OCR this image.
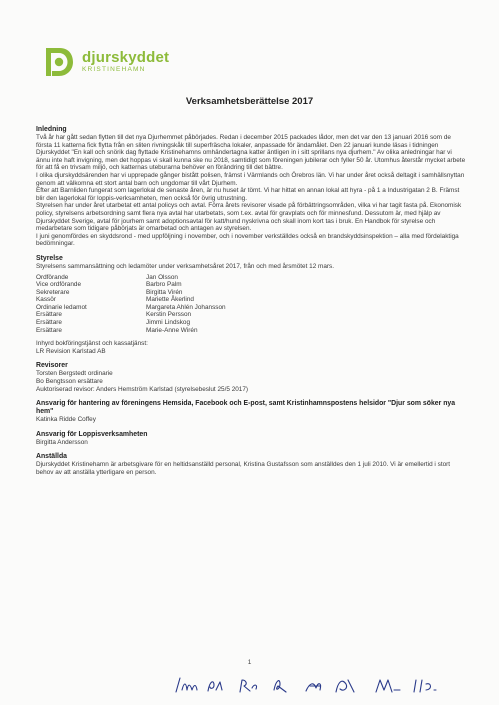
djurskyddet
KRISTINEHAMN
Verksamhetsberättelse 2017
Inledning

Två år har gått sedan flytten till det nya Djurhemmet påbörjades. Redan i december 2015 packades lådor, men det var den 13 januari 2016 som de första 11 katterna fick flytta från en sliten rivningskåk till superfräscha lokaler, anpassade för ändamålet. Den 22 januari kunde läsas i tidningen Djurskyddet "En kall och snörik dag flyttade Kristinehamns omhändertagna katter äntligen in i sitt sprillans nya djurhem." Av olika anledningar har vi ännu inte haft invigning, men det hoppas vi skall kunna ske nu 2018, samtidigt som föreningen jubilerar och fyller 50 år. Utomhus återstår mycket arbete för att få en trivsam miljö, och katternas uteburarna behöver en förändring till det bättre.

I olika djurskyddsärenden har vi upprepade gånger bistått polisen, främst i Värmlands och Örebros län. Vi har under året också deltagit i samhällsnyttan genom att välkomna ett stort antal barn och ungdomar till vårt Djurhem.

Efter att Barnliden fungerat som lagerlokal de senaste åren, är nu huset är tömt. Vi har hittat en annan lokal att hyra - på 1 a Industrigatan 2 B. Främst blir den lagerlokal för loppis-verksamheten, men också för övrig utrustning.

Styrelsen har under året utarbetat ett antal policys och avtal. Förra årets revisorer visade på förbättringsområden, vilka vi har tagit fasta på. Ekonomisk policy, styrelsens arbetsordning samt flera nya avtal har utarbetats, som t.ex. avtal för gravplats och för minnesfund. Dessutom är, med hjälp av Djurskyddet Sverige, avtal för jourhem samt adoptionsavtal för katt/hund nyskrivna och skall inom kort tas i bruk. En Handbok för styrelse och medarbetare som tidigare påbörjats är omarbetad och antagen av styrelsen.

I juni genomfördes en skyddsrond - med uppföljning i november, och i november verkställdes också en brandskyddsinspektion – alla med fördelaktiga bedömningar.

Styrelse

Styrelsens sammansättning och ledamöter under verksamhetsåret 2017, från och med årsmötet 12 mars.

Ordförande	Jan Olsson
Vice ordförande	Barbro Palm
Sekreterare	Birgitta Virén
Kassör	Mariette Åkerlind
Ordinarie ledamot	Margareta Ahlén Johansson
Ersättare	Kerstin Persson
Ersättare	Jimmi Lindskog
Ersättare	Marie-Anne Wirén

Inhyrd bokföringstjänst och kassatjänst:

LR Revision Karlstad AB

Revisorer

Torsten Bergstedt ordinarie

Bo Bengtsson ersättare

Auktoriserad revisor: Anders Hemström Karlstad (styrelsebeslut 25/5 2017)

Ansvarig för hantering av föreningens Hemsida, Facebook och E-post, samt Kristinhamnspostens helsidor "Djur som söker nya hem"

Katinka Ridde Coffey

Ansvarig för Loppisverksamheten

Birgitta Andersson

Anställda

Djurskyddet Kristinehamn är arbetsgivare för en heltidsanställd personal, Kristina Gustafsson som anställdes den 1 juli 2010. Vi är emellertid i stort behov av att anställa ytterligare en person.

1
